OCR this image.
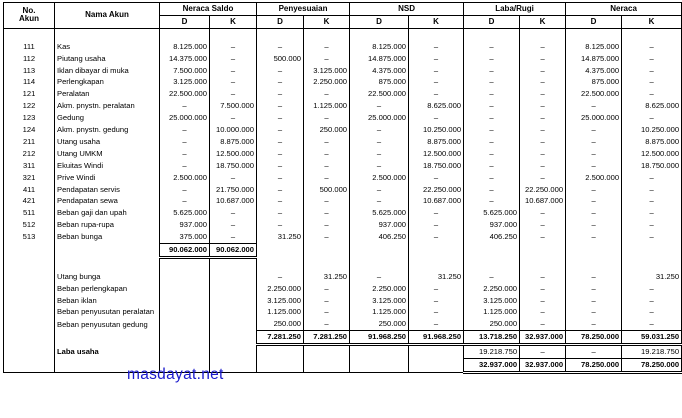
No.
Akun	Nama Akun	Neraca Saldo		Penyesuaian		NSD		Laba/Rugi		Neraca	
		D	K	D	K	D	K	D	K	D	K

111	Kas	8.125.000	–	–	–	8.125.000	–	–	–	8.125.000	–
112	Piutang usaha	14.375.000	–	500.000	–	14.875.000	–	–	–	14.875.000	–
113	Iklan dibayar di muka	7.500.000	–	–	3.125.000	4.375.000	–	–	–	4.375.000	–
114	Perlengkapan	3.125.000	–	–	2.250.000	875.000	–	–	–	875.000	–
121	Peralatan	22.500.000	–	–	–	22.500.000	–	–	–	22.500.000	–
122	Akm. pnystn. peralatan	–	7.500.000	–	1.125.000	–	8.625.000	–	–	–	8.625.000
123	Gedung	25.000.000	–	–	–	25.000.000	–	–	–	25.000.000	–
124	Akm. pnystn. gedung	–	10.000.000	–	250.000	–	10.250.000	–	–	–	10.250.000
211	Utang usaha	–	8.875.000	–	–	–	8.875.000	–	–	–	8.875.000
212	Utang UMKM	–	12.500.000	–	–	–	12.500.000	–	–	–	12.500.000
311	Ekuitas Windi	–	18.750.000	–	–	–	18.750.000	–	–	–	18.750.000
321	Prive Windi	2.500.000	–	–	–	2.500.000	–	–	–	2.500.000	–
411	Pendapatan servis	–	21.750.000	–	500.000	–	22.250.000	–	22.250.000	–	–
421	Pendapatan sewa	–	10.687.000	–	–	–	10.687.000	–	10.687.000	–	–
511	Beban gaji dan upah	5.625.000	–	–	–	5.625.000	–	5.625.000	–	–	–
512	Beban rupa-rupa	937.000	–	–	–	937.000	–	937.000	–	–	–
513	Beban bunga	375.000	–	31.250	–	406.250	–	406.250	–	–	–
		90.062.000	90.062.000								

	Utang bunga			–	31.250	–	31.250	–	–	–	31.250
	Beban perlengkapan			2.250.000	–	2.250.000	–	2.250.000	–	–	–
	Beban iklan			3.125.000	–	3.125.000	–	3.125.000	–	–	–
	Beban penyusutan peralatan			1.125.000	–	1.125.000	–	1.125.000	–	–	–
	Beban penyusutan gedung			250.000	–	250.000	–	250.000	–	–	–
				7.281.250	7.281.250	91.968.250	91.968.250	13.718.250	32.937.000	78.250.000	59.031.250
	Laba usaha							19.218.750	–	–	19.218.750
								32.937.000	32.937.000	78.250.000	78.250.000
masdayat.net
